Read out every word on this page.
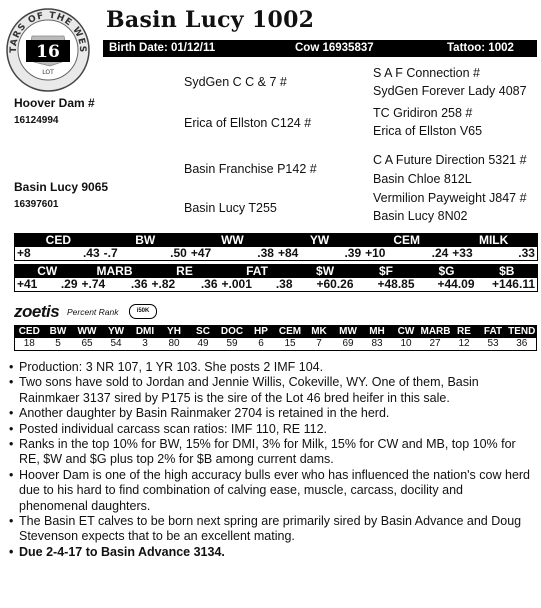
TARS OF THE WES
16
LOT
Basin Lucy 1002
Birth Date: 01/12/11	Cow 16935837	Tattoo: 1002
Hoover Dam #
16124994
Basin Lucy 9065
16397601
SydGen C C & 7 #
Erica of Ellston C124 #
Basin Franchise P142 #
Basin Lucy T255
S A F Connection #
SydGen Forever Lady 4087
TC Gridiron 258 #
Erica of Ellston V65
C A Future Direction 5321 #
Basin Chloe 812L
Vermilion Payweight J847 #
Basin Lucy 8N02
CED		BW		WW		YW		CEM		MILK	
+8	.43	-.7	.50	+47	.38	+84	.39	+10	.24	+33	.33
CW		MARB		RE		FAT		$W	$F	$G	$B
+41	.29	+.74	.36	+.82	.36	+.001	.38	+60.26	+48.85	+44.09	+146.11
zoetis Percent Rank	i50K
CED	BW	WW	YW	DMI	YH	SC	DOC	HP	CEM	MK	MW	MH	CW	MARB	RE	FAT	TEND
18	5	65	54	3	80	49	59	6	15	7	69	83	10	27	12	53	36
• Production: 3 NR 107, 1 YR 103. She posts 2 IMF 104.
• Two sons have sold to Jordan and Jennie Willis, Cokeville, WY. One of them, Basin Rainmkaer 3137 sired by P175 is the sire of the Lot 46 bred heifer in this sale.
• Another daughter by Basin Rainmaker 2704 is retained in the herd.
• Posted individual carcass scan ratios: IMF 110, RE 112.
• Ranks in the top 10% for BW, 15% for DMI, 3% for Milk, 15% for CW and MB, top 10% for RE, $W and $G plus top 2% for $B among current dams.
• Hoover Dam is one of the high accuracy bulls ever who has influenced the nation's cow herd due to his hard to find combination of calving ease, muscle, carcass, docility and phenomenal daughters.
• The Basin ET calves to be born next spring are primarily sired by Basin Advance and Doug Stevenson expects that to be an excellent mating.
• Due 2-4-17 to Basin Advance 3134.
